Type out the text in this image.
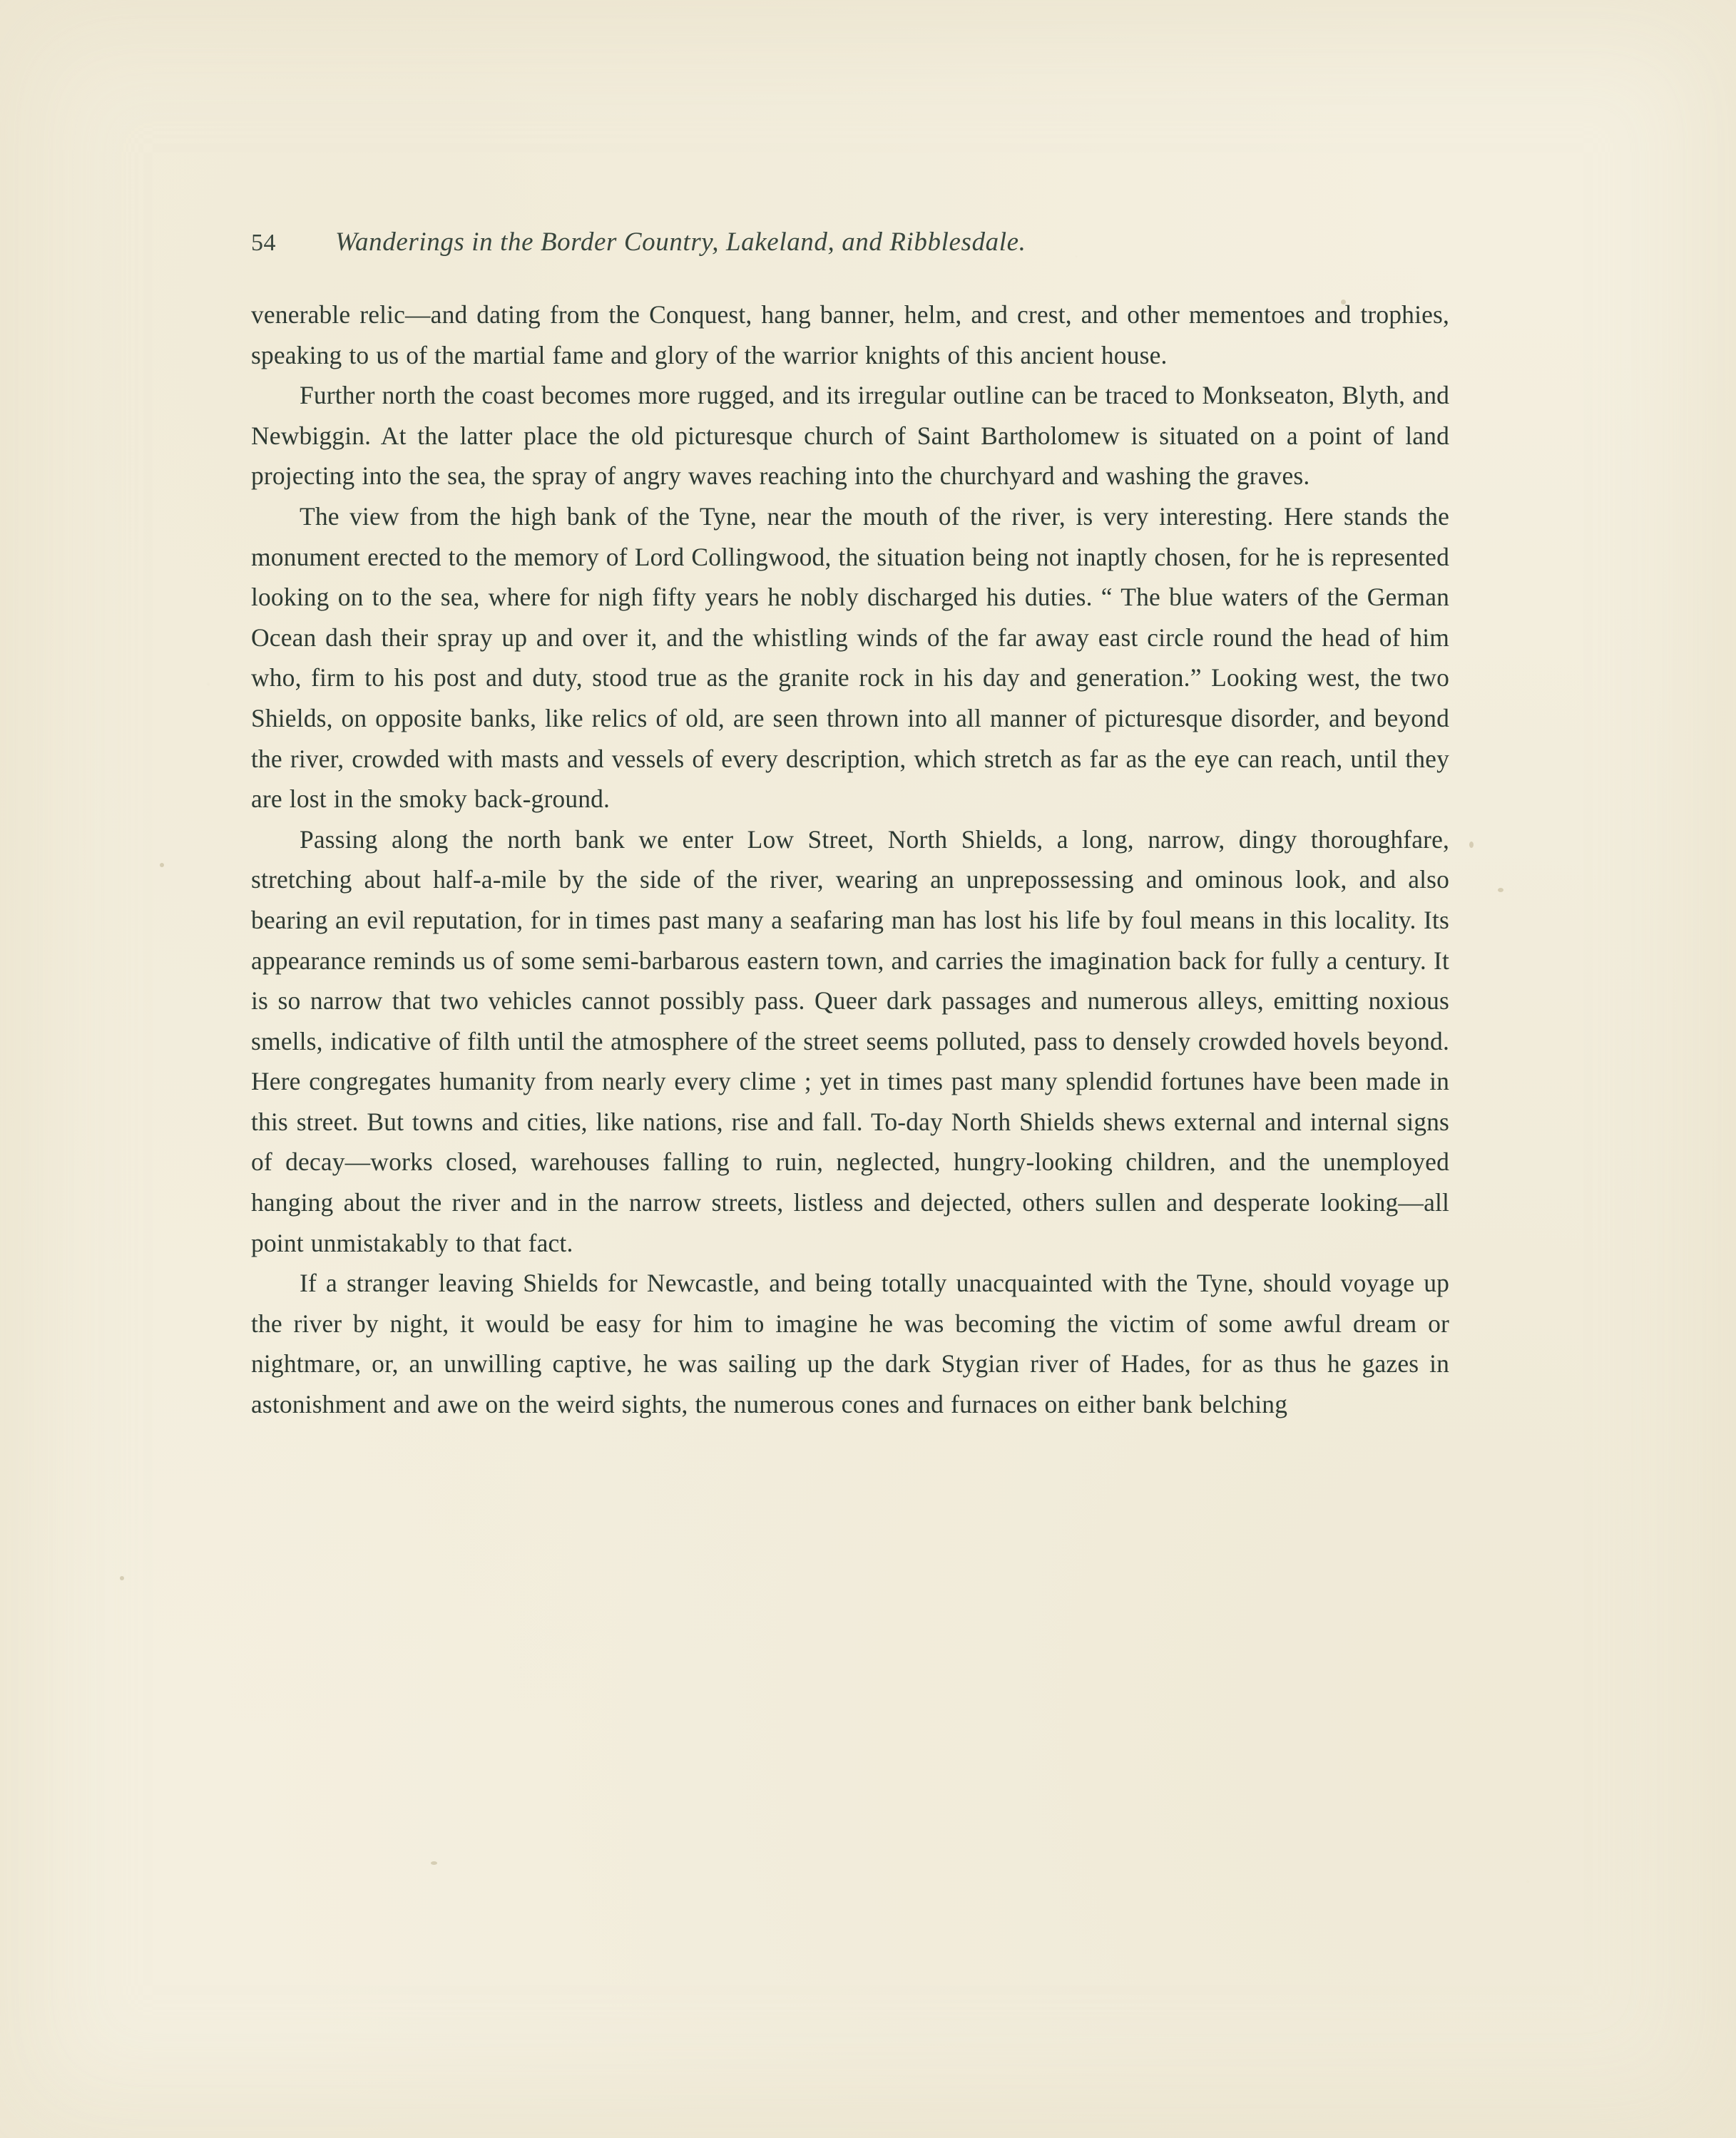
54	Wanderings in the Border Country, Lakeland, and Ribblesdale.

venerable relic—and dating from the Conquest, hang banner, helm, and crest, and other mementoes and trophies, speaking to us of the martial fame and glory of the warrior knights of this ancient house.

Further north the coast becomes more rugged, and its irregular outline can be traced to Monkseaton, Blyth, and Newbiggin. At the latter place the old picturesque church of Saint Bartholomew is situated on a point of land projecting into the sea, the spray of angry waves reaching into the churchyard and washing the graves.

The view from the high bank of the Tyne, near the mouth of the river, is very interesting. Here stands the monument erected to the memory of Lord Collingwood, the situation being not inaptly chosen, for he is represented looking on to the sea, where for nigh fifty years he nobly discharged his duties. “ The blue waters of the German Ocean dash their spray up and over it, and the whistling winds of the far away east circle round the head of him who, firm to his post and duty, stood true as the granite rock in his day and generation.” Looking west, the two Shields, on opposite banks, like relics of old, are seen thrown into all manner of picturesque disorder, and beyond the river, crowded with masts and vessels of every description, which stretch as far as the eye can reach, until they are lost in the smoky back-ground.

Passing along the north bank we enter Low Street, North Shields, a long, narrow, dingy thoroughfare, stretching about half-a-mile by the side of the river, wearing an unprepossessing and ominous look, and also bearing an evil reputation, for in times past many a seafaring man has lost his life by foul means in this locality. Its appearance reminds us of some semi-barbarous eastern town, and carries the imagination back for fully a century. It is so narrow that two vehicles cannot possibly pass. Queer dark passages and numerous alleys, emitting noxious smells, indicative of filth until the atmosphere of the street seems polluted, pass to densely crowded hovels beyond. Here congregates humanity from nearly every clime ; yet in times past many splendid fortunes have been made in this street. But towns and cities, like nations, rise and fall. To-day North Shields shews external and internal signs of decay—works closed, warehouses falling to ruin, neglected, hungry-looking children, and the unemployed hanging about the river and in the narrow streets, listless and dejected, others sullen and desperate looking—all point unmistakably to that fact.

If a stranger leaving Shields for Newcastle, and being totally unacquainted with the Tyne, should voyage up the river by night, it would be easy for him to imagine he was becoming the victim of some awful dream or nightmare, or, an unwilling captive, he was sailing up the dark Stygian river of Hades, for as thus he gazes in astonishment and awe on the weird sights, the numerous cones and furnaces on either bank belching
